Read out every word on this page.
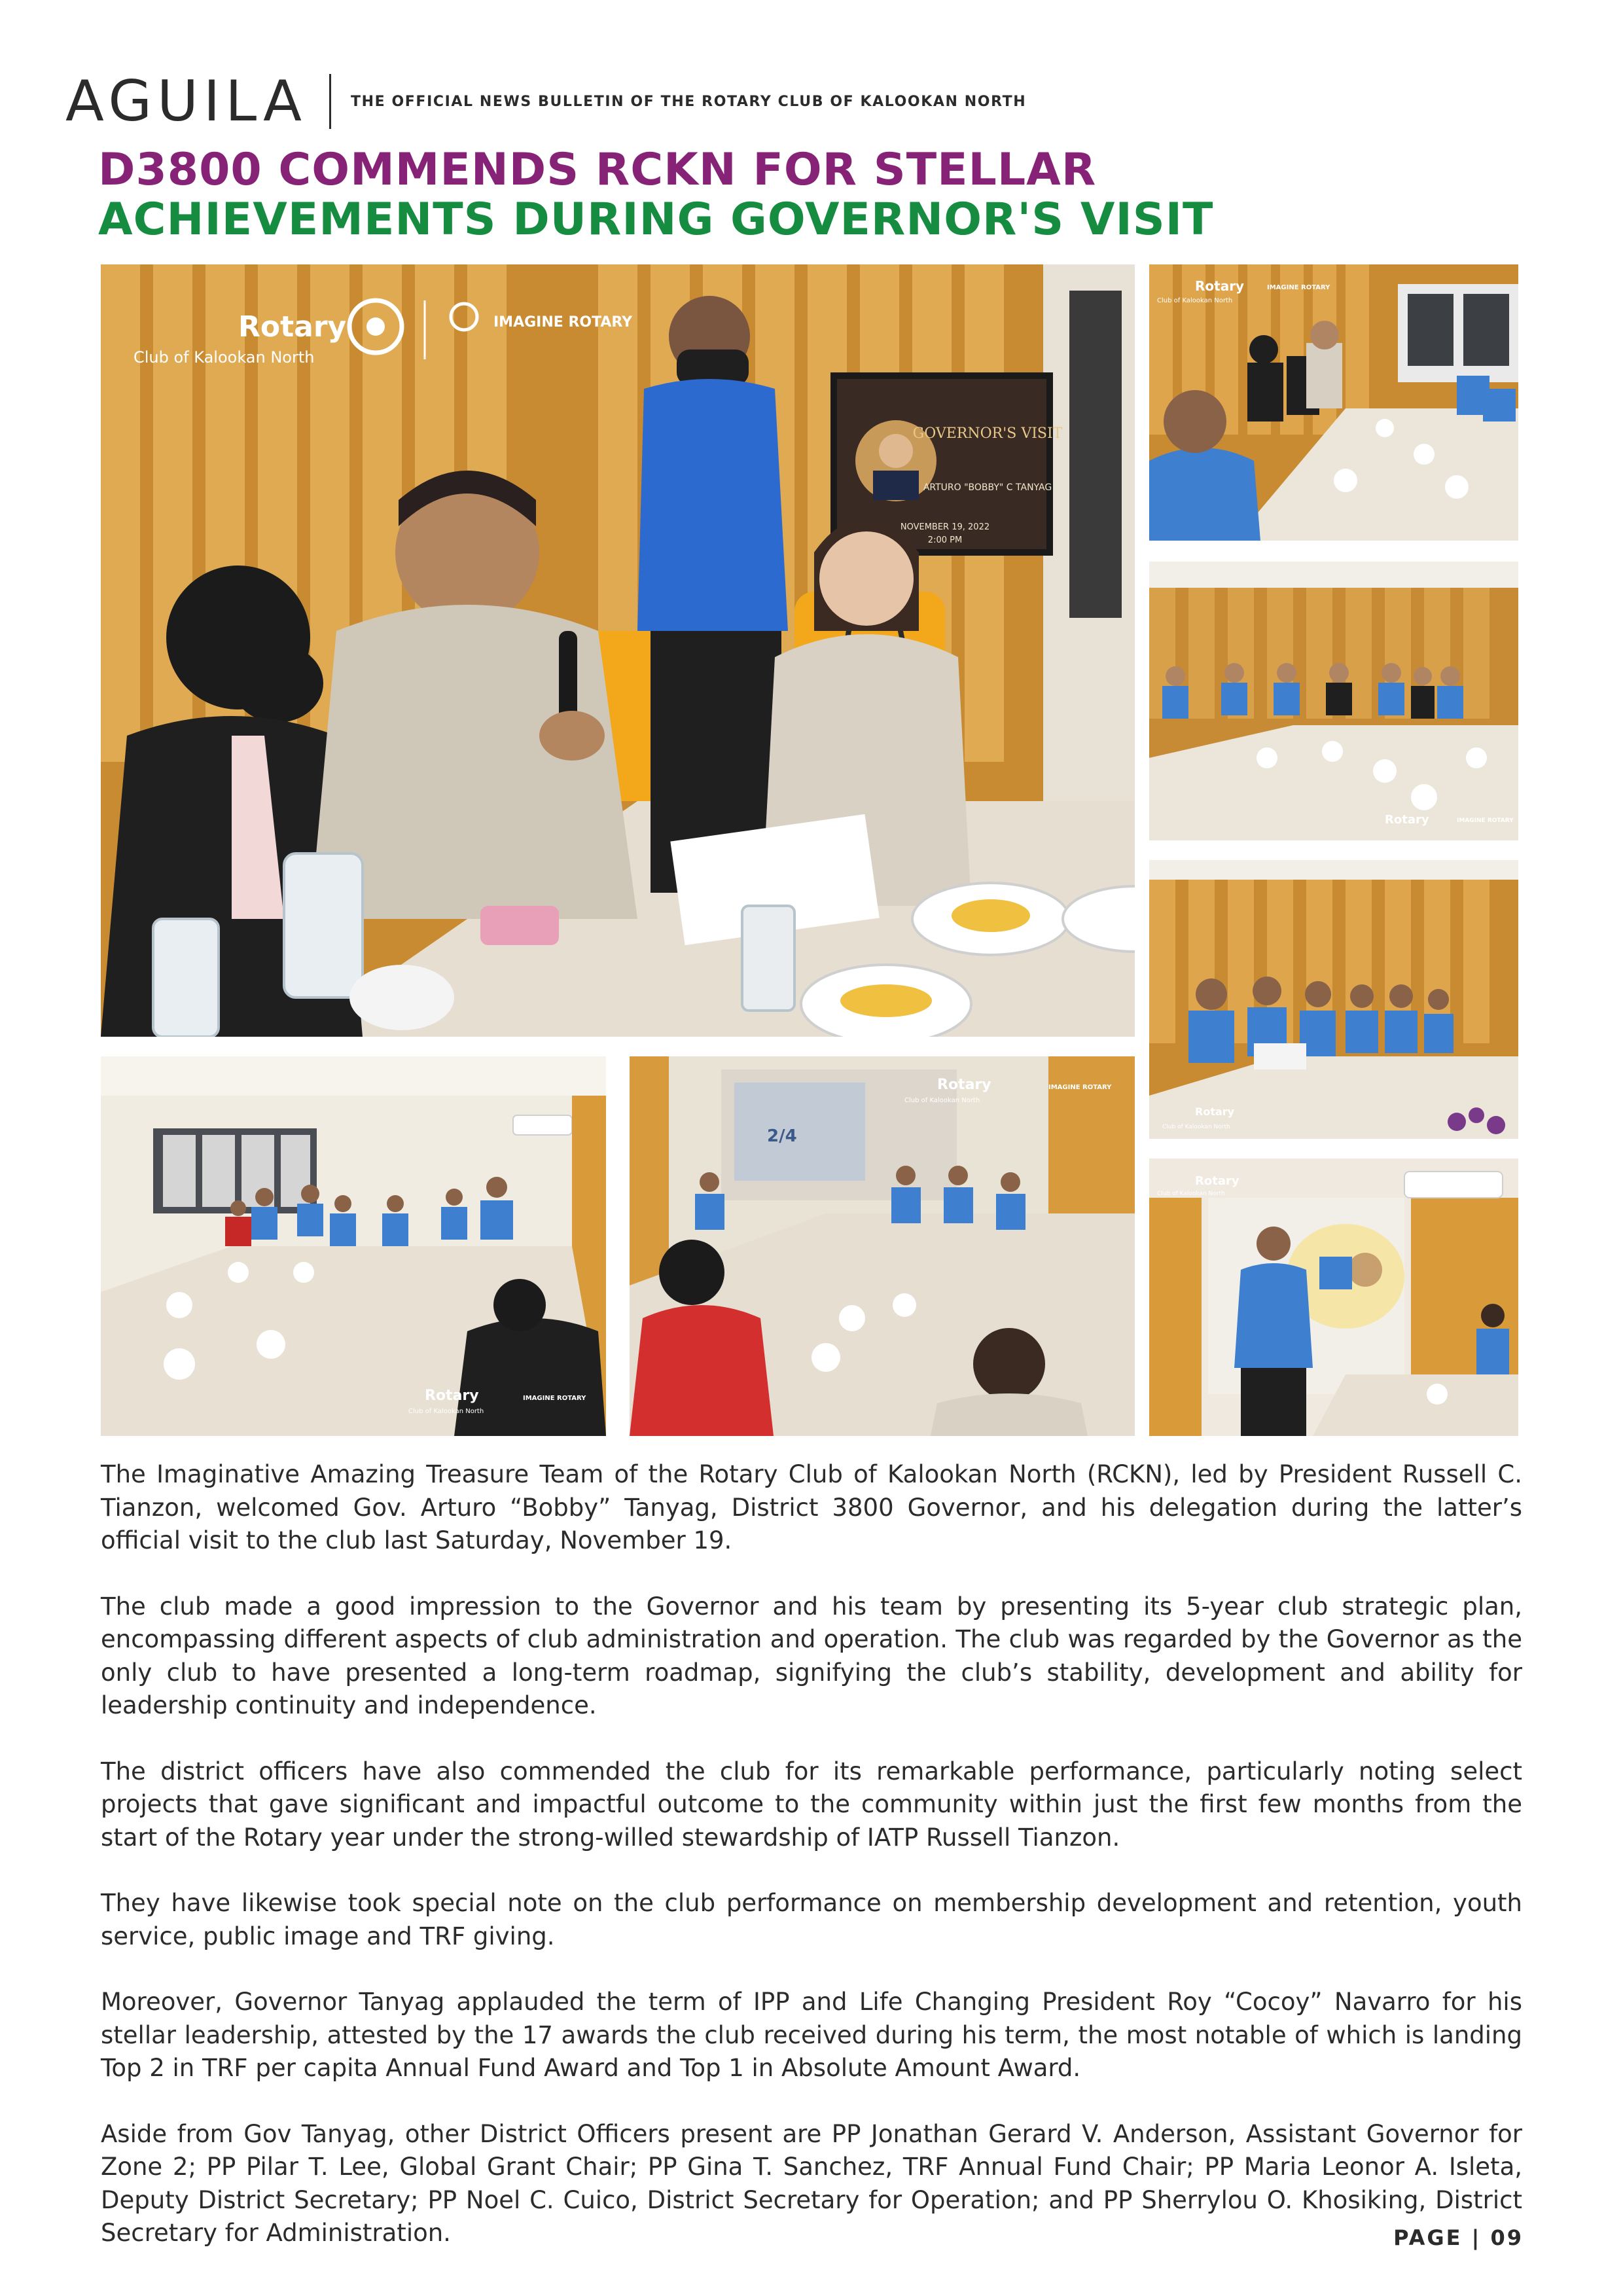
AGUILA	THE OFFICIAL NEWS BULLETIN OF THE ROTARY CLUB OF KALOOKAN NORTH
D3800 COMMENDS RCKN FOR STELLAR
ACHIEVEMENTS DURING GOVERNOR'S VISIT
GOVERNOR'S VISIT
ARTURO "BOBBY" C TANYAG
NOVEMBER 19, 2022
2:00 PM
Rotary
Club of Kalookan North
IMAGINE ROTARY
Rotary
Club of Kalookan North
IMAGINE ROTARY
Rotary	IMAGINE ROTARY
Rotary
Club of Kalookan North
Rotary
Club of Kalookan North
Rotary
Club of Kalookan North
IMAGINE ROTARY
2/4
Rotary
Club of Kalookan North
IMAGINE ROTARY

The Imaginative Amazing Treasure Team of the Rotary Club of Kalookan North (RCKN), led by President Russell C. Tianzon, welcomed Gov. Arturo “Bobby” Tanyag, District 3800 Governor, and his delegation during the latter’s official visit to the club last Saturday, November 19.

The club made a good impression to the Governor and his team by presenting its 5-year club strategic plan, encompassing different aspects of club administration and operation. The club was regarded by the Governor as the only club to have presented a long-term roadmap, signifying the club’s stability, development and ability for leadership continuity and independence.

The district officers have also commended the club for its remarkable performance, particularly noting select projects that gave significant and impactful outcome to the community within just the first few months from the start of the Rotary year under the strong-willed stewardship of IATP Russell Tianzon.

They have likewise took special note on the club performance on membership development and retention, youth service, public image and TRF giving.

Moreover, Governor Tanyag applauded the term of IPP and Life Changing President Roy “Cocoy” Navarro for his stellar leadership, attested by the 17 awards the club received during his term, the most notable of which is landing Top 2 in TRF per capita Annual Fund Award and Top 1 in Absolute Amount Award.

Aside from Gov Tanyag, other District Officers present are PP Jonathan Gerard V. Anderson, Assistant Governor for Zone 2; PP Pilar T. Lee, Global Grant Chair; PP Gina T. Sanchez, TRF Annual Fund Chair; PP Maria Leonor A. Isleta, Deputy District Secretary; PP Noel C. Cuico, District Secretary for Operation; and PP Sherrylou O. Khosiking, District Secretary for Administration.	PAGE | 09
